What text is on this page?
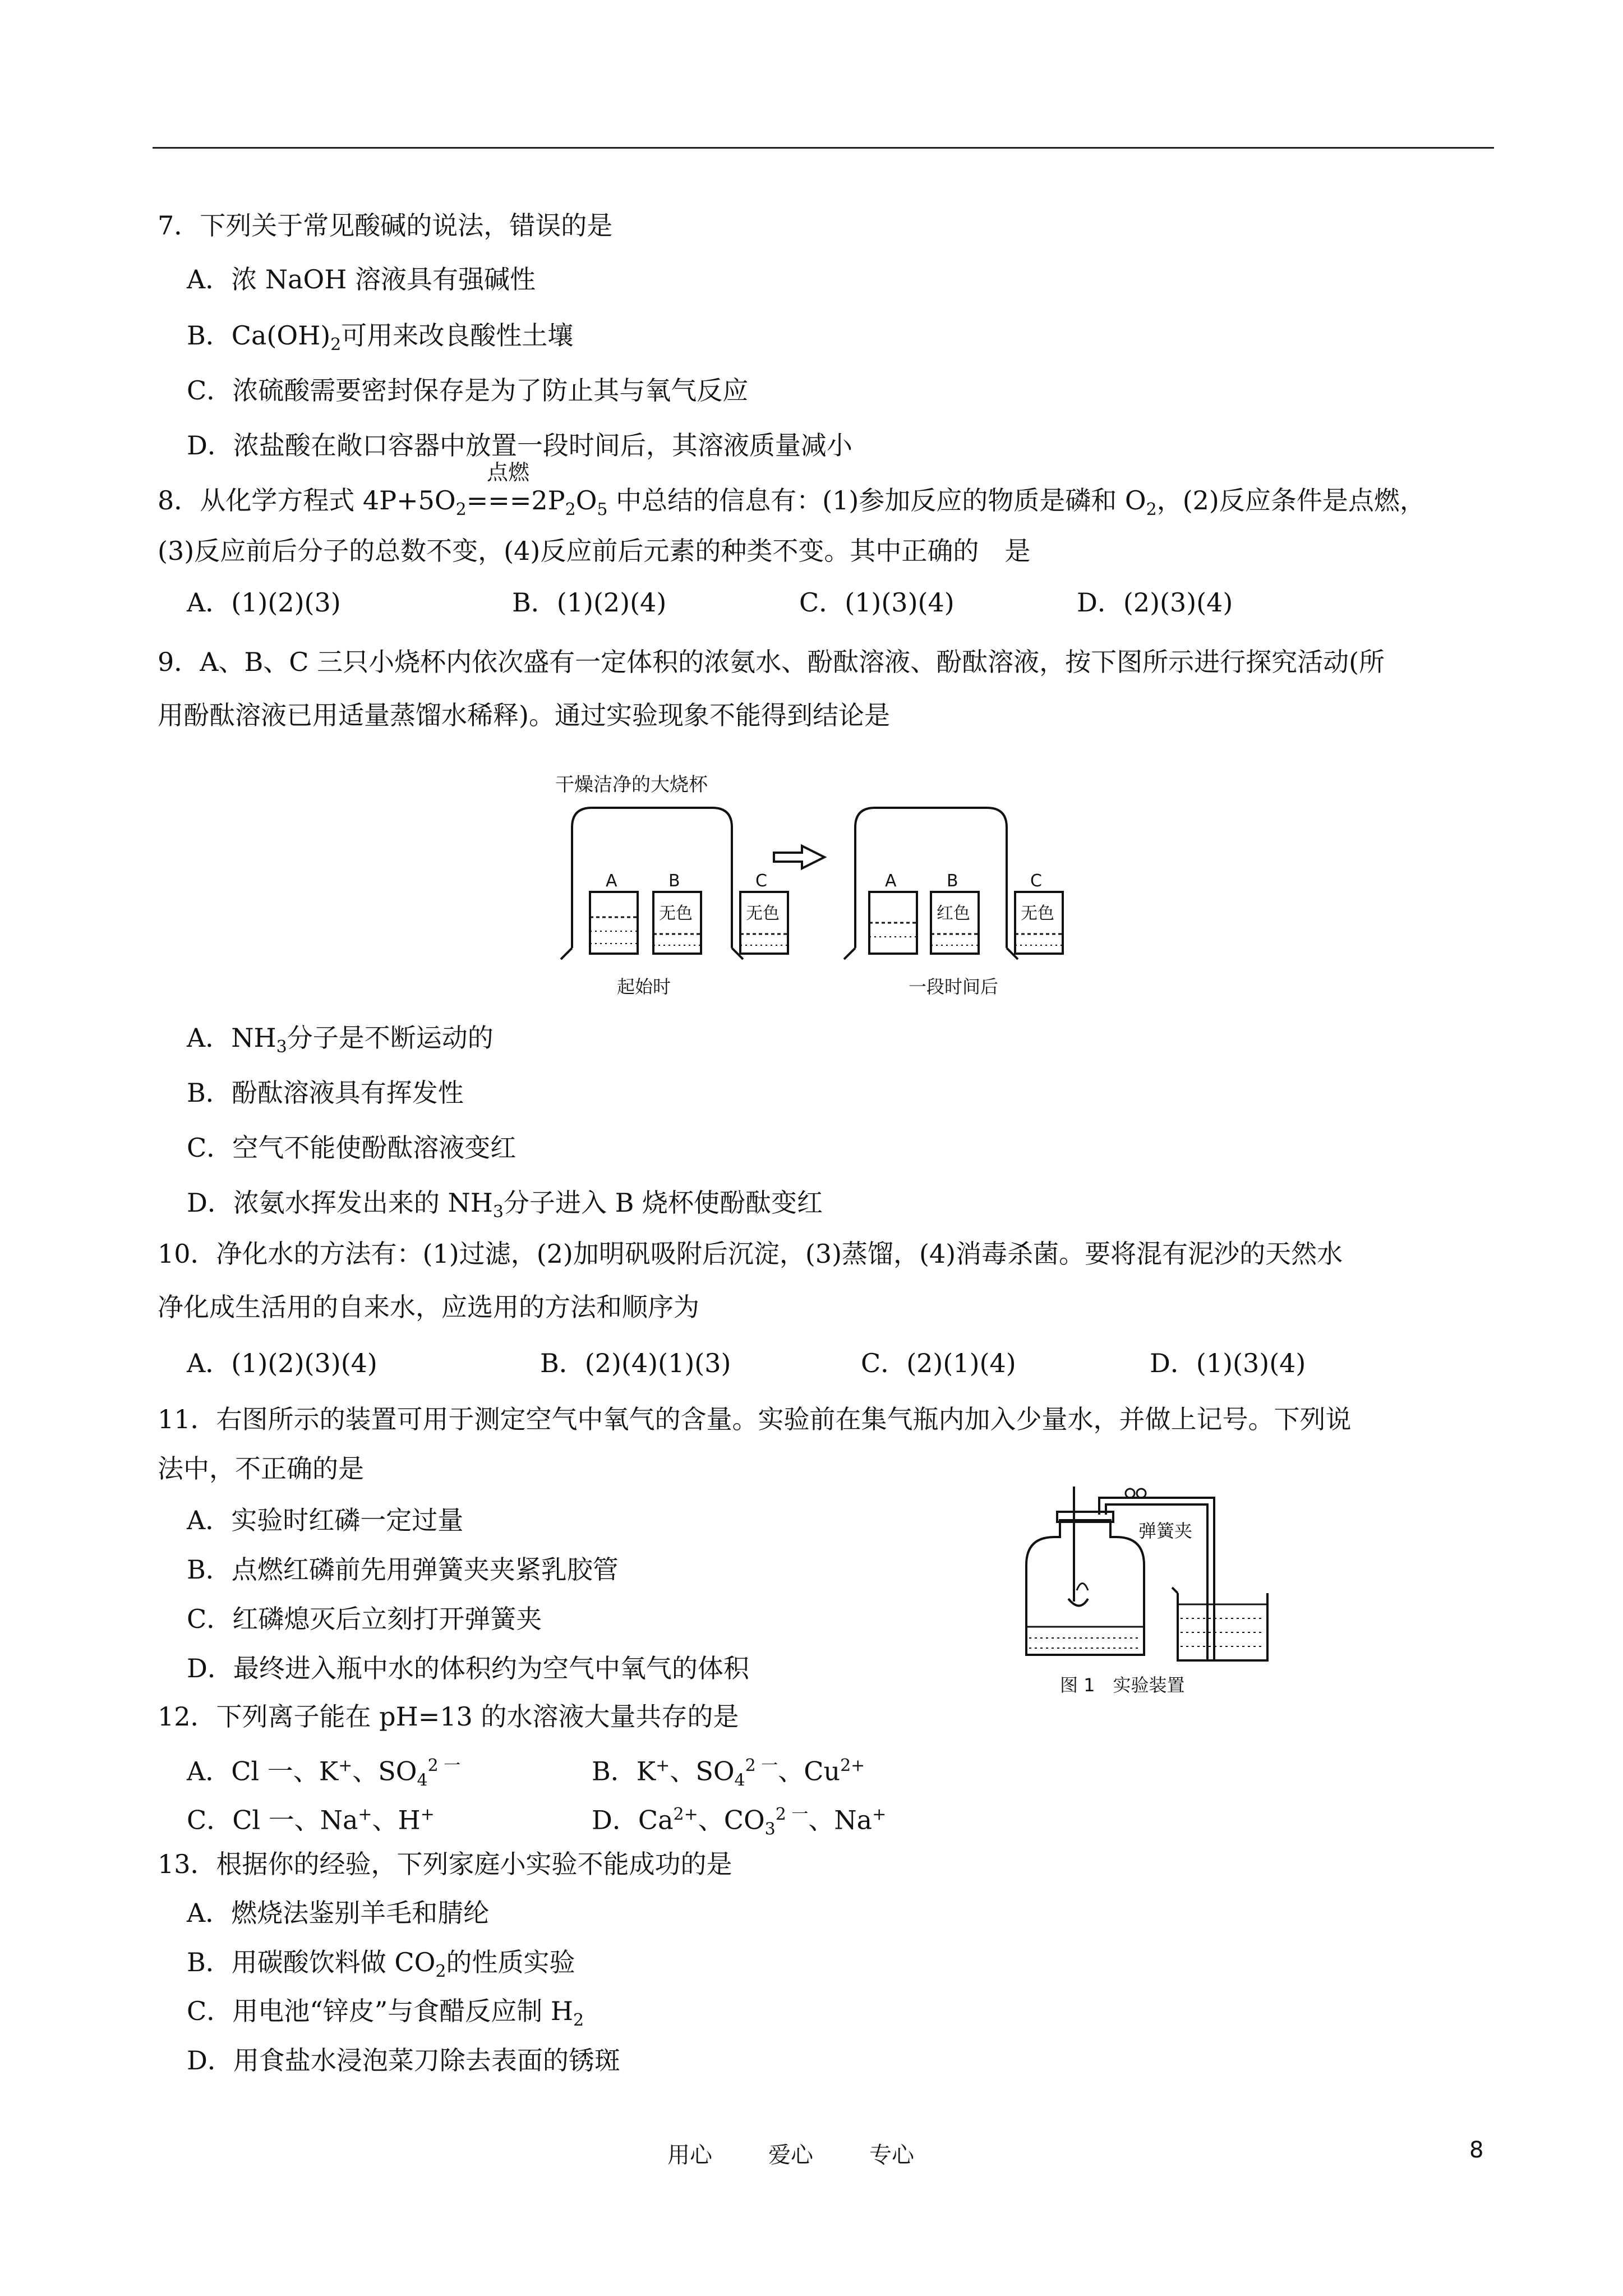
7．下列关于常见酸碱的说法，错误的是
A．浓 NaOH 溶液具有强碱性
B．$Ca(OH)_2$可用来改良酸性土壤
C．浓硫酸需要密封保存是为了防止其与氧气反应
D．浓盐酸在敞口容器中放置一段时间后，其溶液质量减小
点燃
8．从化学方程式 $4P+5O_2===2P_2O_5$ 中总结的信息有：(1)参加反应的物质是磷和 $O_2$，(2)反应条件是点燃，
(3)反应前后分子的总数不变，(4)反应前后元素的种类不变。其中正确的　是
A．(1)(2)(3)	B．(1)(2)(4)	C．(1)(3)(4)	D．(2)(3)(4)
9．A、B、C 三只小烧杯内依次盛有一定体积的浓氨水、酚酞溶液、酚酞溶液，按下图所示进行探究活动(所
用酚酞溶液已用适量蒸馏水稀释)。通过实验现象不能得到结论是
干燥洁净的大烧杯
A	B
无色
C
无色
A	B
红色
C
无色
起始时	一段时间后
A．$NH_3$分子是不断运动的
B．酚酞溶液具有挥发性
C．空气不能使酚酞溶液变红
D．浓氨水挥发出来的 $NH_3$分子进入 B 烧杯使酚酞变红
10．净化水的方法有：(1)过滤，(2)加明矾吸附后沉淀，(3)蒸馏，(4)消毒杀菌。要将混有泥沙的天然水
净化成生活用的自来水，应选用的方法和顺序为
A．(1)(2)(3)(4)	B．(2)(4)(1)(3)	C．(2)(1)(4)	D．(1)(3)(4)
11．右图所示的装置可用于测定空气中氧气的含量。实验前在集气瓶内加入少量水，并做上记号。下列说
法中，不正确的是
A．实验时红磷一定过量
B．点燃红磷前先用弹簧夹夹紧乳胶管
C．红磷熄灭后立刻打开弹簧夹
D．最终进入瓶中水的体积约为空气中氧气的体积
弹簧夹
图 1　实验装置
12．下列离子能在 pH=13 的水溶液大量共存的是
A．Cl 一、K+、$SO_4^{2 一}$	B．K+、$SO_4^{2 一}$、$Cu^{2+}$
C．Cl 一、Na+、H+	D．$Ca^{2+}$、$CO_3^{2 一}$、Na+
13．根据你的经验，下列家庭小实验不能成功的是
A．燃烧法鉴别羊毛和腈纶
B．用碳酸饮料做 $CO_2$的性质实验
C．用电池“锌皮”与食醋反应制 $H_2$
D．用食盐水浸泡菜刀除去表面的锈斑
用心	爱心	专心	8
